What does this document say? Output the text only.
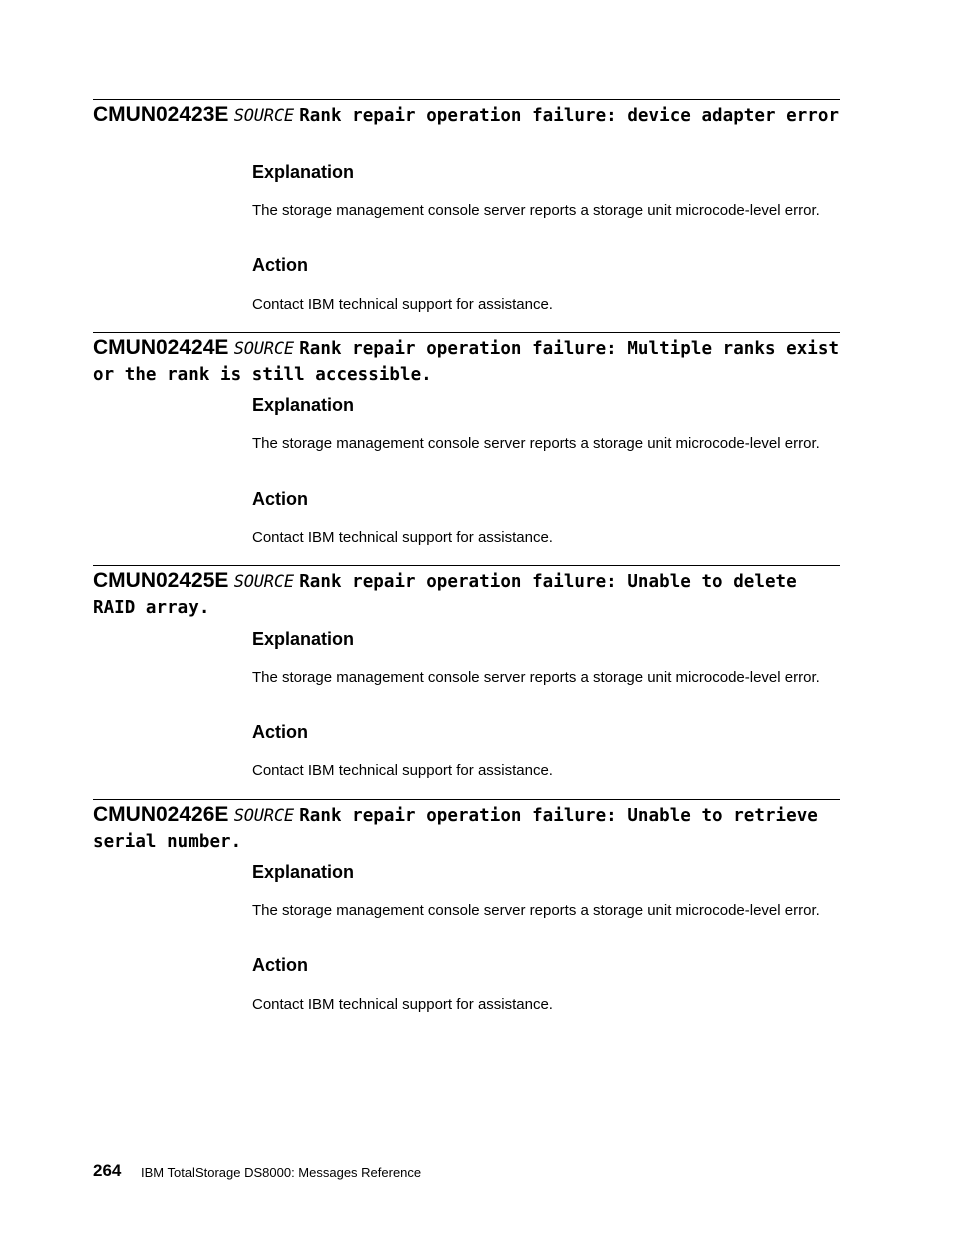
CMUN02423E SOURCE Rank repair operation failure: device adapter error
Explanation
The storage management console server reports a storage unit microcode-level error.
Action
Contact IBM technical support for assistance.
CMUN02424E SOURCE Rank repair operation failure: Multiple ranks exist or the rank is still accessible.
Explanation
The storage management console server reports a storage unit microcode-level error.
Action
Contact IBM technical support for assistance.
CMUN02425E SOURCE Rank repair operation failure: Unable to delete RAID array.
Explanation
The storage management console server reports a storage unit microcode-level error.
Action
Contact IBM technical support for assistance.
CMUN02426E SOURCE Rank repair operation failure: Unable to retrieve serial number.
Explanation
The storage management console server reports a storage unit microcode-level error.
Action
Contact IBM technical support for assistance.
264 IBM TotalStorage DS8000: Messages Reference
